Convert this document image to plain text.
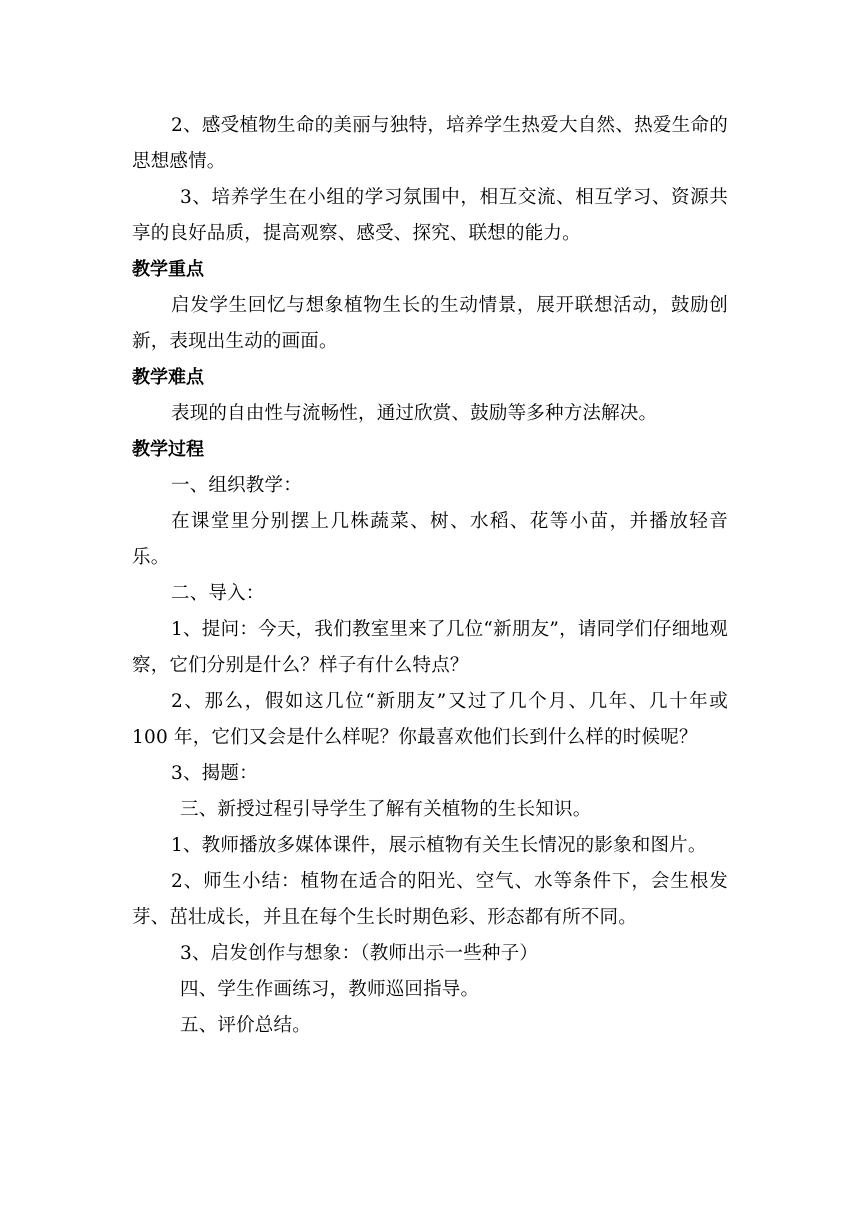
2、感受植物生命的美丽与独特，培养学生热爱大自然、热爱生命的思想感情。

3、培养学生在小组的学习氛围中，相互交流、相互学习、资源共享的良好品质，提高观察、感受、探究、联想的能力。

教学重点

启发学生回忆与想象植物生长的生动情景，展开联想活动，鼓励创新，表现出生动的画面。

教学难点

表现的自由性与流畅性，通过欣赏、鼓励等多种方法解决。

教学过程

一、组织教学：

在课堂里分别摆上几株蔬菜、树、水稻、花等小苗，并播放轻音乐。

二、导入：

1、提问：今天，我们教室里来了几位“新朋友”，请同学们仔细地观察，它们分别是什么？样子有什么特点？

2、那么，假如这几位“新朋友”又过了几个月、几年、几十年或 100 年，它们又会是什么样呢？你最喜欢他们长到什么样的时候呢？

3、揭题：

三、新授过程引导学生了解有关植物的生长知识。

1、教师播放多媒体课件，展示植物有关生长情况的影象和图片。

2、师生小结：植物在适合的阳光、空气、水等条件下，会生根发芽、茁壮成长，并且在每个生长时期色彩、形态都有所不同。

3、启发创作与想象：（教师出示一些种子）

四、学生作画练习，教师巡回指导。

五、评价总结。
